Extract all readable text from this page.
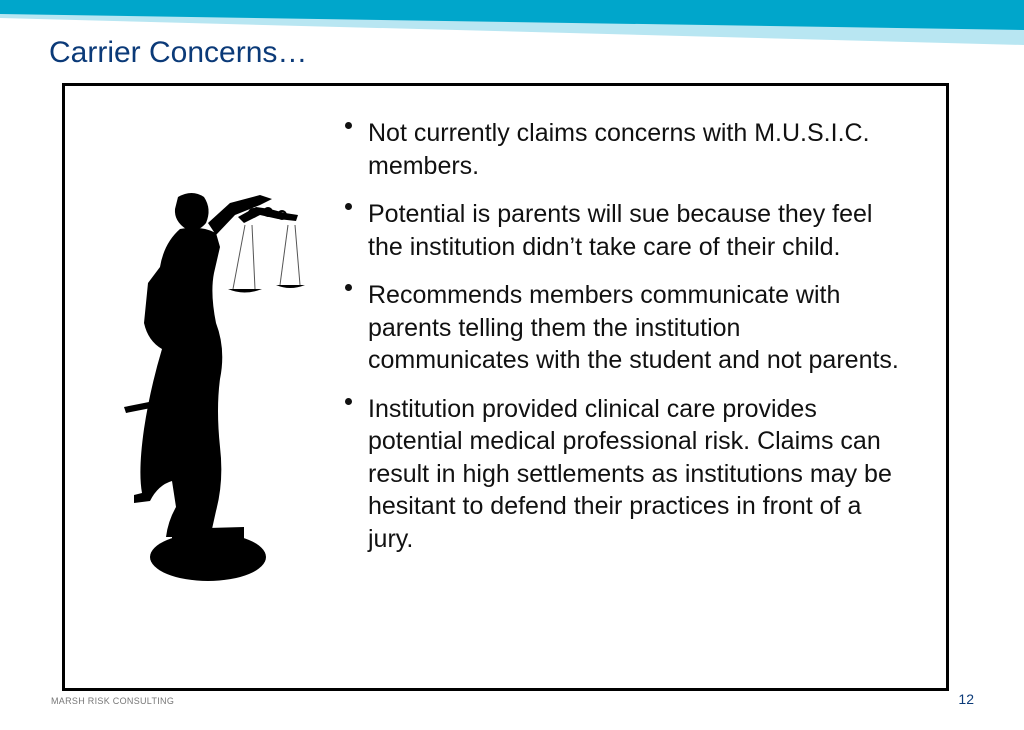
Carrier Concerns…
Not currently claims concerns with M.U.S.I.C. members.
Potential is parents will sue because they feel the institution didn’t take care of their child.
Recommends members communicate with parents telling them the institution communicates with the student and not parents.
Institution provided clinical care provides potential medical professional risk. Claims can result in high settlements as institutions may be hesitant to defend their practices in front of a jury.
MARSH RISK CONSULTING	12
